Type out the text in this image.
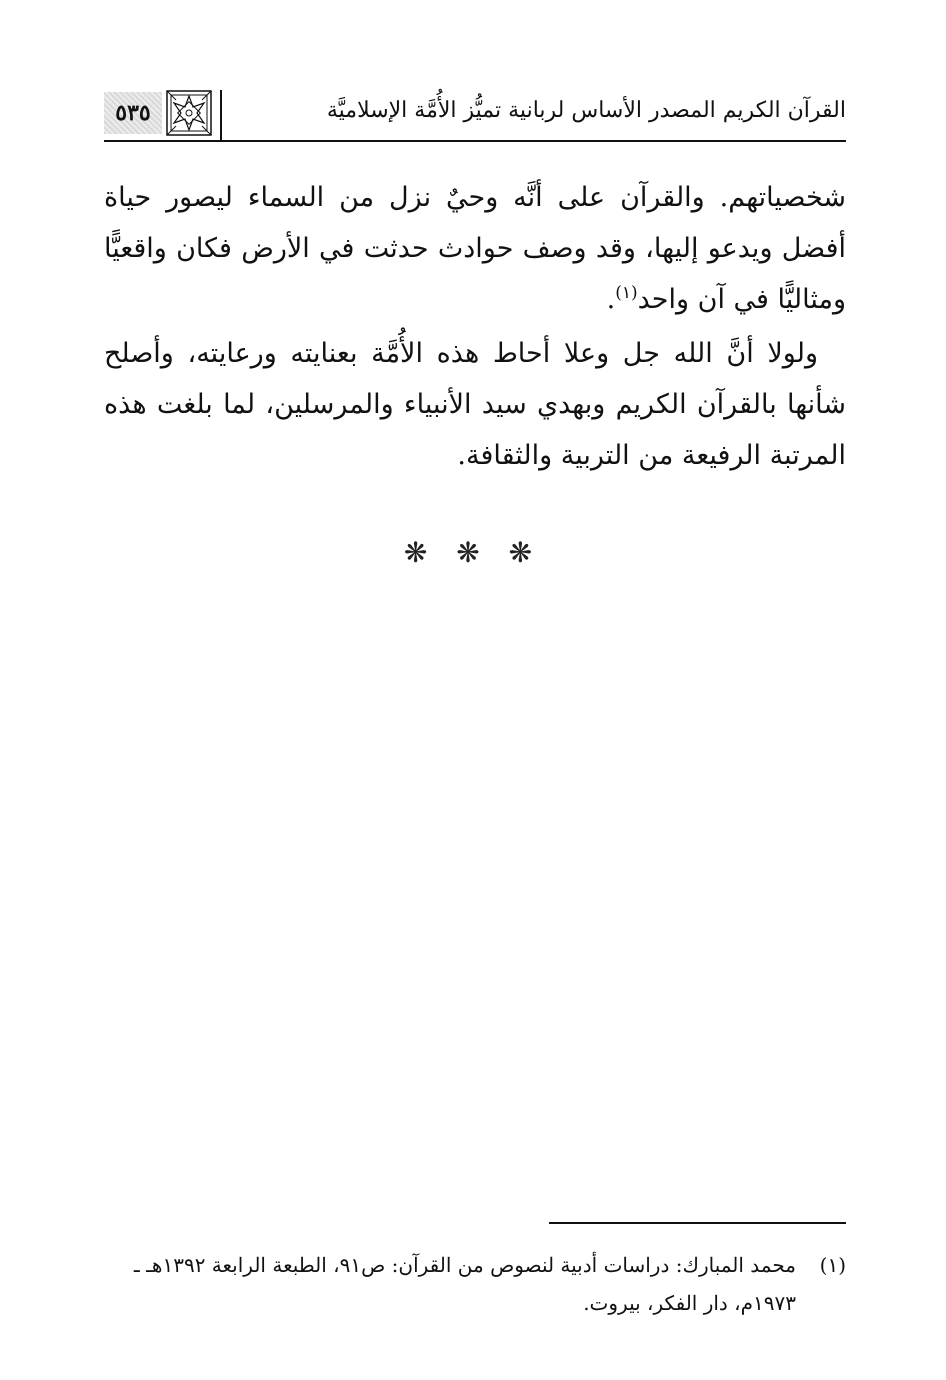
القرآن الكريم المصدر الأساس لربانية تميُّز الأُمَّة الإسلاميَّة
٥٣٥

شخصياتهم. والقرآن على أنَّه وحيٌ نزل من السماء ليصور حياة أفضل ويدعو إليها، وقد وصف حوادث حدثت في الأرض فكان واقعيًّا ومثاليًّا في آن واحد$^{(١)}$.

ولولا أنَّ الله جل وعلا أحاط هذه الأُمَّة بعنايته ورعايته، وأصلح شأنها بالقرآن الكريم وبهدي سيد الأنبياء والمرسلين، لما بلغت هذه المرتبة الرفيعة من التربية والثقافة.

❋ ❋ ❋
(١)محمد المبارك: دراسات أدبية لنصوص من القرآن: ص٩١، الطبعة الرابعة ١٣٩٢هـ ـ
١٩٧٣م، دار الفكر، بيروت.
